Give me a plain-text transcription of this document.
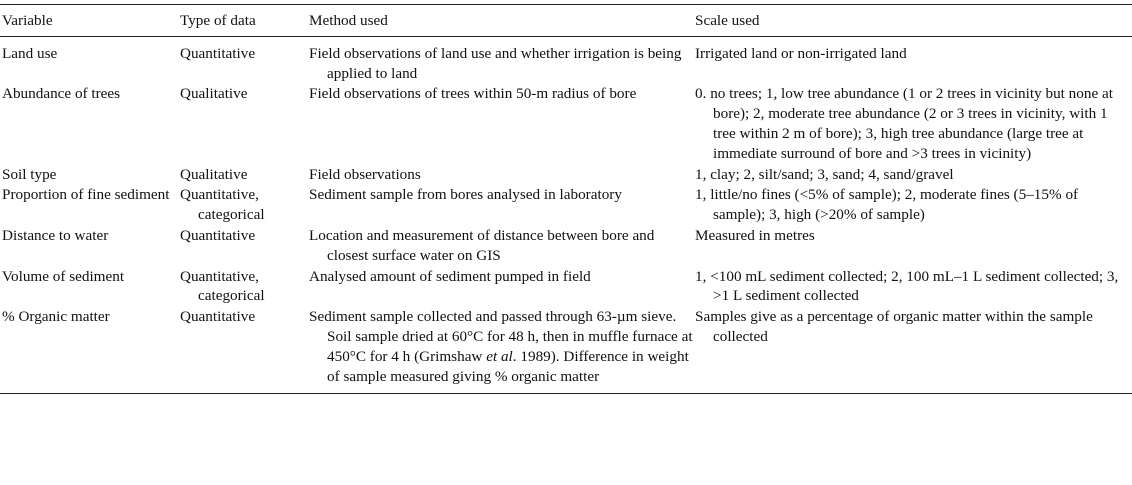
Variable	Type of data	Method used	Scale used

Land use	Quantitative	Field observations of land use and whether irrigation is being applied to land	Irrigated land or non-irrigated land

Abundance of trees	Qualitative	Field observations of trees within 50-m radius of bore	0. no trees; 1, low tree abundance (1 or 2 trees in vicinity but none at bore); 2, moderate tree abundance (2 or 3 trees in vicinity, with 1 tree within 2 m of bore); 3, high tree abundance (large tree at immediate surround of bore and >3 trees in vicinity)

Soil type	Qualitative	Field observations	1, clay; 2, silt/sand; 3, sand; 4, sand/gravel

Proportion of fine sediment	Quantitative, categorical	Sediment sample from bores analysed in laboratory	1, little/no fines (<5% of sample); 2, moderate fines (5–15% of sample); 3, high (>20% of sample)

Distance to water	Quantitative	Location and measurement of distance between bore and closest surface water on GIS	Measured in metres

Volume of sediment	Quantitative, categorical	Analysed amount of sediment pumped in field	1, <100 mL sediment collected; 2, 100 mL–1 L sediment collected; 3, >1 L sediment collected

% Organic matter	Quantitative	Sediment sample collected and passed through 63-µm sieve. Soil sample dried at 60°C for 48 h, then in muffle furnace at 450°C for 4 h (Grimshaw et al. 1989). Difference in weight of sample measured giving % organic matter	Samples give as a percentage of organic matter within the sample collected
